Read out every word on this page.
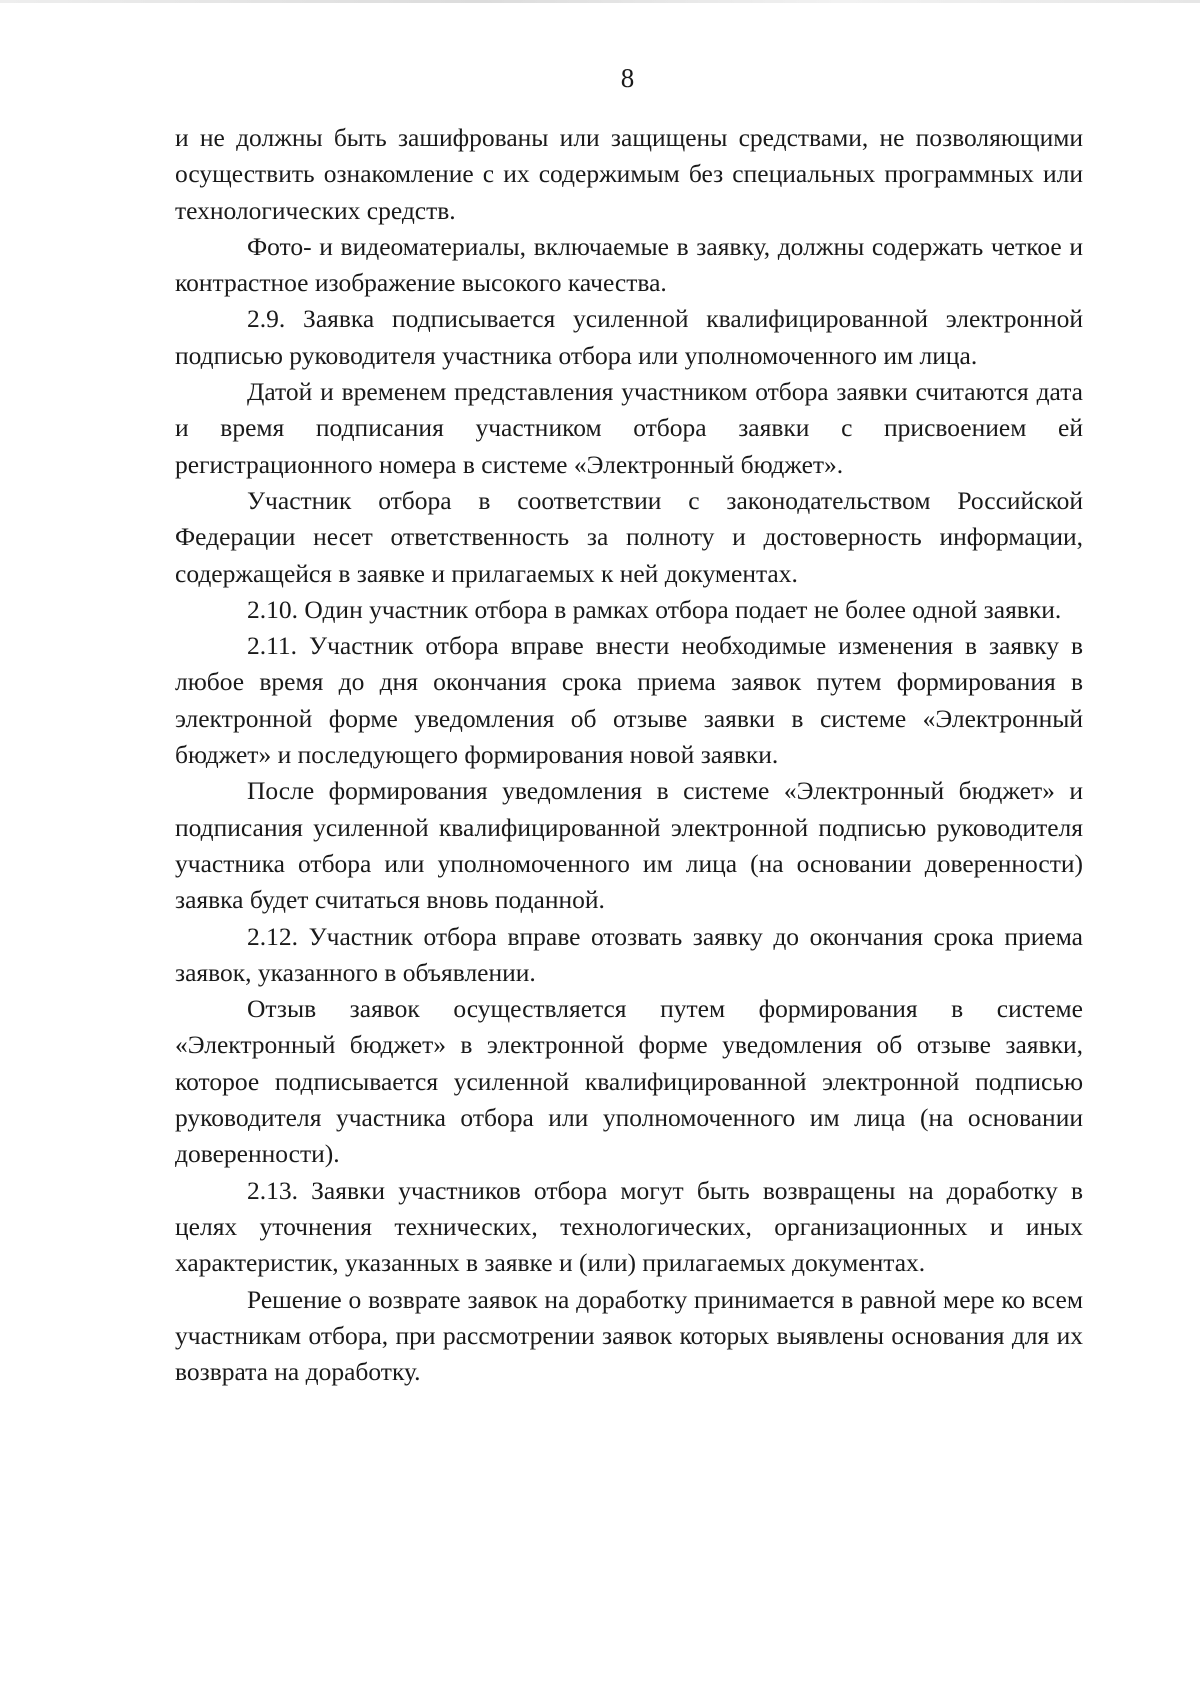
8

и не должны быть зашифрованы или защищены средствами, не позволяющими осуществить ознакомление с их содержимым без специальных программных или технологических средств.

Фото- и видеоматериалы, включаемые в заявку, должны содержать четкое и контрастное изображение высокого качества.

2.9. Заявка подписывается усиленной квалифицированной электронной подписью руководителя участника отбора или уполномоченного им лица.

Датой и временем представления участником отбора заявки считаются дата и время подписания участником отбора заявки с присвоением ей регистрационного номера в системе «Электронный бюджет».

Участник отбора в соответствии с законодательством Российской Федерации несет ответственность за полноту и достоверность информации, содержащейся в заявке и прилагаемых к ней документах.

2.10. Один участник отбора в рамках отбора подает не более одной заявки.

2.11. Участник отбора вправе внести необходимые изменения в заявку в любое время до дня окончания срока приема заявок путем формирования в электронной форме уведомления об отзыве заявки в системе «Электронный бюджет» и последующего формирования новой заявки.

После формирования уведомления в системе «Электронный бюджет» и подписания усиленной квалифицированной электронной подписью руководителя участника отбора или уполномоченного им лица (на основании доверенности) заявка будет считаться вновь поданной.

2.12. Участник отбора вправе отозвать заявку до окончания срока приема заявок, указанного в объявлении.

Отзыв заявок осуществляется путем формирования в системе «Электронный бюджет» в электронной форме уведомления об отзыве заявки, которое подписывается усиленной квалифицированной электронной подписью руководителя участника отбора или уполномоченного им лица (на основании доверенности).

2.13. Заявки участников отбора могут быть возвращены на доработку в целях уточнения технических, технологических, организационных и иных характеристик, указанных в заявке и (или) прилагаемых документах.

Решение о возврате заявок на доработку принимается в равной мере ко всем участникам отбора, при рассмотрении заявок которых выявлены основания для их возврата на доработку.
